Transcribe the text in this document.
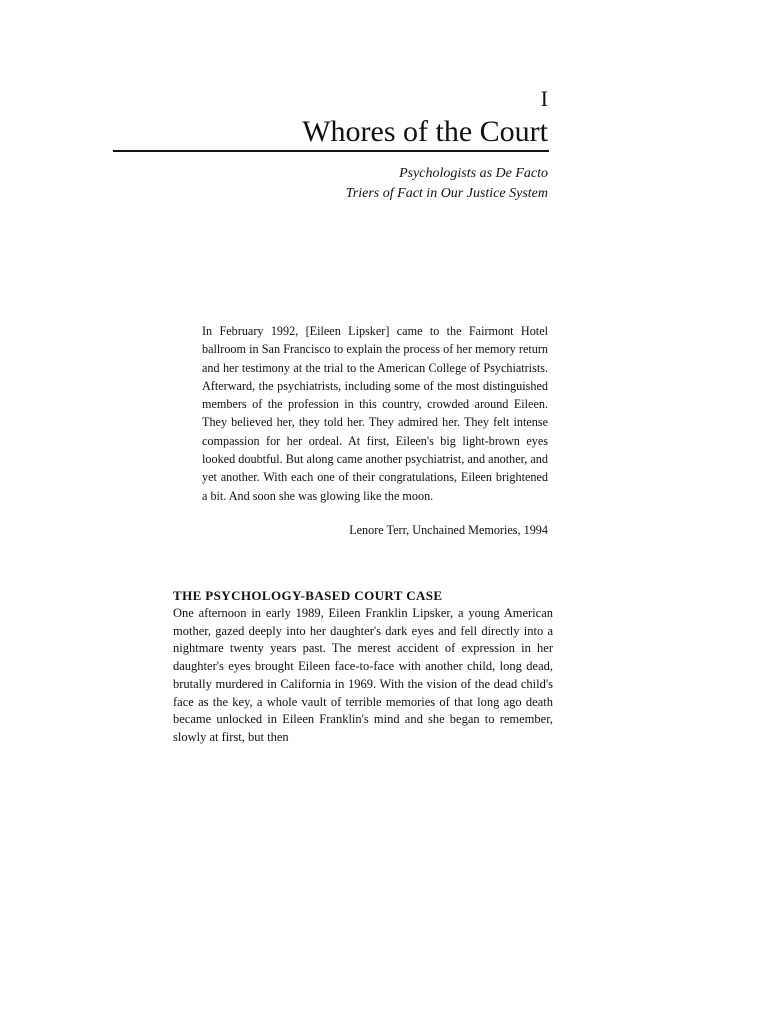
I
Whores of the Court
Psychologists as De Facto
Triers of Fact in Our Justice System

In February 1992, [Eileen Lipsker] came to the Fairmont Hotel ballroom in San Francisco to explain the process of her memory return and her testimony at the trial to the American College of Psychiatrists. Afterward, the psychiatrists, including some of the most distinguished members of the profession in this country, crowded around Eileen. They believed her, they told her. They admired her. They felt intense compassion for her ordeal. At first, Eileen's big light-brown eyes looked doubtful. But along came another psychiatrist, and another, and yet another. With each one of their congratulations, Eileen brightened a bit. And soon she was glowing like the moon.

Lenore Terr, Unchained Memories, 1994
THE PSYCHOLOGY-BASED COURT CASE

One afternoon in early 1989, Eileen Franklin Lipsker, a young American mother, gazed deeply into her daughter's dark eyes and fell directly into a nightmare twenty years past. The merest accident of expression in her daughter's eyes brought Eileen face-to-face with another child, long dead, brutally murdered in California in 1969. With the vision of the dead child's face as the key, a whole vault of terrible memories of that long ago death became unlocked in Eileen Franklin's mind and she began to remember, slowly at first, but then
